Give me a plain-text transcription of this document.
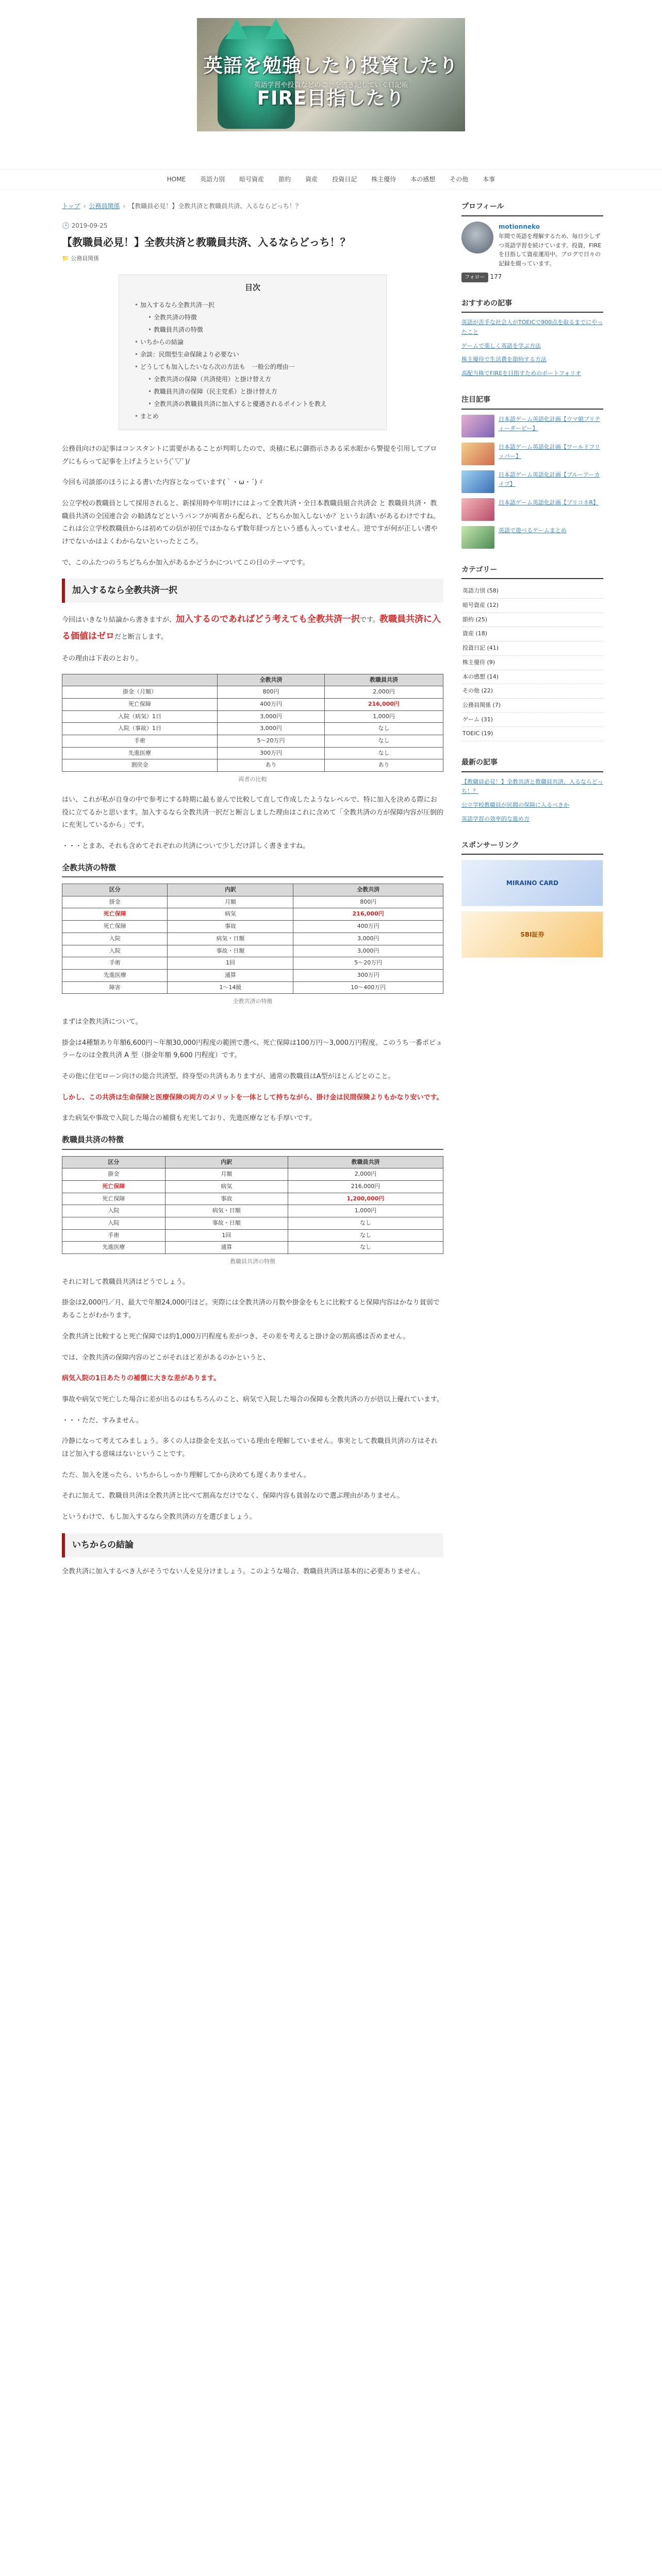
英語を勉強したり投資したりFIRE目指したり
英語学習や投資などのことを書き記していく日記帳
HOME 英語力別 暗号資産 節約 資産 投資日記 株主優待 本の感想 その他 本事
トップ › 公務員関係 › 【教職員必見！】全教共済と教職員共済、入るならどっち！？
🕒 2019-09-25
【教職員必見！】全教共済と教職員共済、入るならどっち！？
📁 公務員関係
目次
• 加入するなら全教共済一択
• 全教共済の特徴
• 教職員共済の特徴
• いちからの結論
• 余談：民間型生命保険より必要ない
• どうしても加入したいなら次の方法も　一般公的理由一
• 全教共済の保障（共済使用）と掛け替え方
• 教職員共済の保障（民主党系）と掛け替え方
• 全教共済の教職員共済に加入すると優遇されるポイントを教え
• まとめ

公務員向けの記事はコンスタントに需要があることが判明したので、炎積に私に御指示さある采水眼から警提を引用してブログにもらって記事を上げようという(ﾟ▽ﾟ)/

今回も司談部のほうによる書いた内容となっています(｀・ω・´)ゞ

公立学校の教職員として採用されると、新採用時や年明けにはよって全教共済・全日本教職員組合共済会 と 教職員共済・ 教職員共済の全国連合会 の勧誘などというパンフが両者から配られ、どちらか加入しないか？というお誘いがあるわけですね。これは公立学校教職員からは初めての信が初任ではかならず数年経つ方という感も入っていません。逆ですが何が正しい書やけでないかはよくわからないといったところ。

で、このふたつのうちどちらか加入があるかどうかについてこの日のテーマです。

加入するなら全教共済一択

今回はいきなり結論から書きますが、加入するのであればどう考えても全教共済一択です。教職員共済に入る価値はゼロだと断言します。

その理由は下表のとおり。

	全教共済	教職員共済
掛金（月額）	800円	2,000円
死亡保障	400万円	216,000円
入院（病気）1日	3,000円	1,000円
入院（事故）1日	3,000円	なし
手術	5～20万円	なし
先進医療	300万円	なし
割戻金	あり	あり
両者の比較

はい、これが私が自身の中で参考にする時期に最も並んで比較して直して作成したようなレベルで、特に加入を決める際にお役に立てるかと思います。加入するなら全教共済一択だと断言しました理由はこれに含めて「全教共済の方が保障内容が圧倒的に充実しているから」です。

・・・とまあ、それも含めてそれぞれの共済について少しだけ詳しく書きますね。

全教共済の特徴
区分	内訳	全教共済
掛金	月額	800円
死亡保障	病気	216,000円
死亡保障	事故	400万円
入院	病気・日額	3,000円
入院	事故・日額	3,000円
手術	1回	5～20万円
先進医療	通算	300万円
障害	1～14級	10～400万円
全教共済の特徴

まずは全教共済について。

掛金は4種類あり年額6,600円～年額30,000円程度の範囲で選べ、死亡保障は100万円～3,000万円程度。このうち一番ポピュラーなのは全教共済 A 型（掛金年額 9,600 円程度）です。

その他に住宅ローン向けの総合共済型、終身型の共済もありますが、通常の教職員はA型がほとんどとのこと。

しかし、この共済は生命保険と医療保険の両方のメリットを一体として持ちながら、掛け金は民間保険よりもかなり安いです。

また病気や事故で入院した場合の補償も充実しており、先進医療なども手厚いです。

教職員共済の特徴
区分	内訳	教職員共済
掛金	月額	2,000円
死亡保障	病気	216,000円
死亡保障	事故	1,200,000円
入院	病気・日額	1,000円
入院	事故・日額	なし
手術	1回	なし
先進医療	通算	なし
教職員共済の特徴

それに対して教職員共済はどうでしょう。

掛金は2,000円／月、最大で年額24,000円ほど。実際には全教共済の月数や掛金をもとに比較すると保障内容はかなり貧弱であることがわかります。

全教共済と比較すると死亡保障では約1,000万円程度も差がつき、その差を考えると掛け金の割高感は否めません。

では、全教共済の保障内容のどこがそれほど差があるのかというと、

病気入院の1日あたりの補償に大きな差があります。

事故や病気で死亡した場合に差が出るのはもちろんのこと、病気で入院した場合の保障も全教共済の方が倍以上優れています。

・・・ただ、すみません。

冷静になって考えてみましょう。多くの人は掛金を支払っている理由を理解していません。事実として教職員共済の方はそれほど加入する意味はないということです。

ただ、加入を迷ったら、いちからしっかり理解してから決めても遅くありません。

それに加えて、教職員共済は全教共済と比べて割高なだけでなく、保障内容も貧弱なので選ぶ理由がありません。

というわけで、もし加入するなら全教共済の方を選びましょう。

いちからの結論

全教共済に加入するべき人がそうでない人を見分けましょう。このような場合、教職員共済は基本的に必要ありません。

プロフィール
motionneko
年間で英語を理解するため、毎日少しずつ英語学習を続けています。投資、FIREを目指して資産運用中。ブログで日々の記録を綴っています。
フォロー 177
おすすめの記事
英語が苦手な社会人がTOEICで900点を取るまでにやったこと
ゲームで楽しく英語を学ぶ方法
株主優待で生活費を節約する方法
高配当株でFIREを目指すためのポートフォリオ
注目記事
日本語ゲーム英語化計画【ウマ娘プリティーダービー】
日本語ゲーム英語化計画【ワールドフリッパー】
日本語ゲーム英語化計画【ブルーアーカイブ】
日本語ゲーム英語化計画【プリコネR】
英語で遊べるゲームまとめ
カテゴリー
英語力別 (58)
暗号資産 (12)
節約 (25)
資産 (18)
投資日記 (41)
株主優待 (9)
本の感想 (14)
その他 (22)
公務員関係 (7)
ゲーム (31)
TOEIC (19)
最新の記事
【教職員必見！】全教共済と教職員共済、入るならどっち！？
公立学校教職員が民間の保険に入るべきか
英語学習の効率的な進め方
スポンサーリンク
MIRAINO CARD
SBI証券
